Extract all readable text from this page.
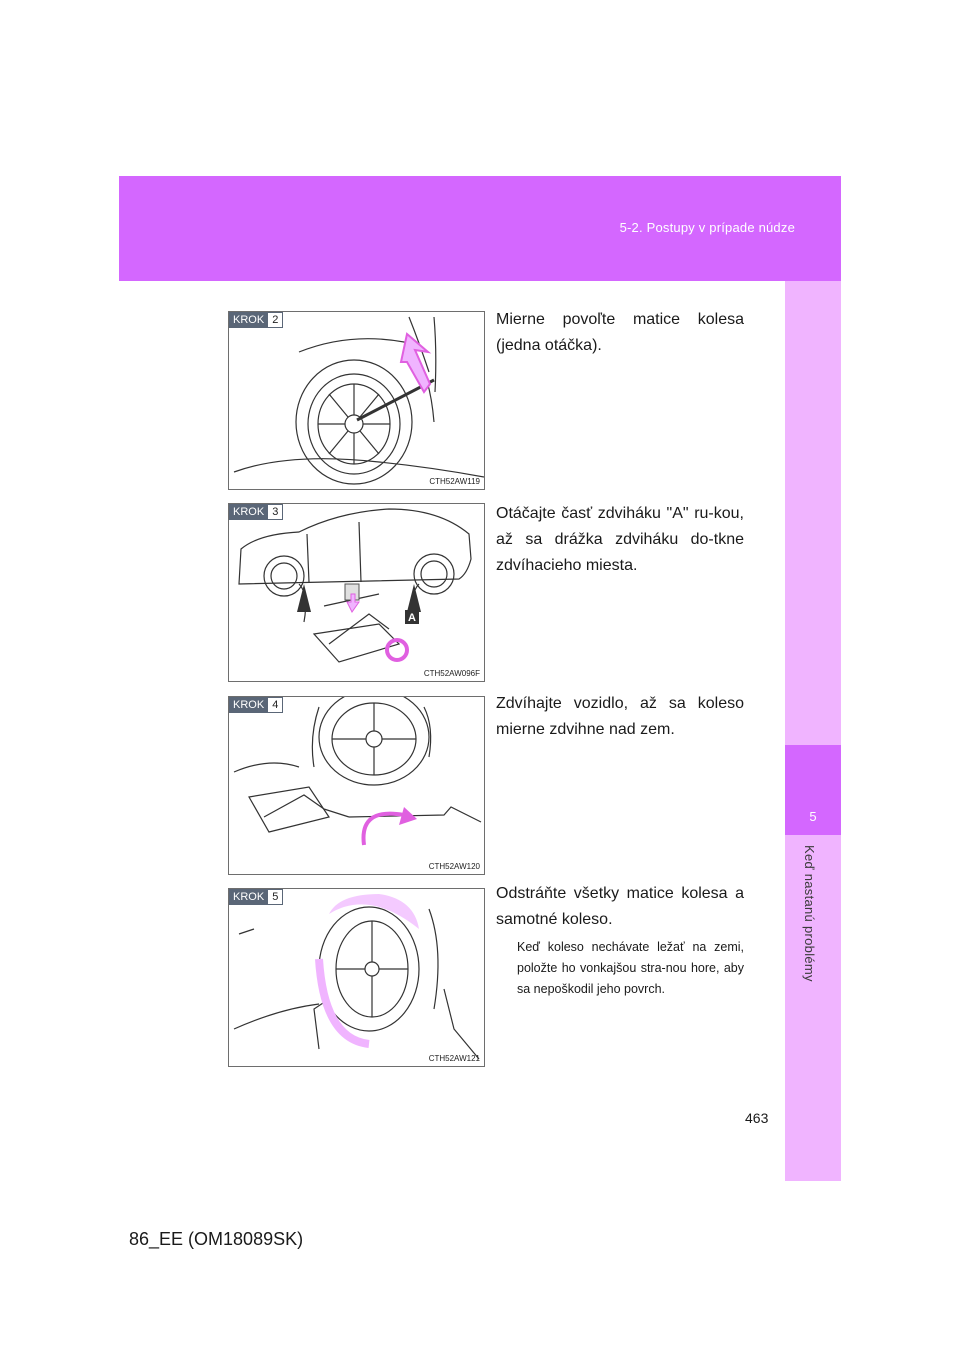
5-2. Postupy v prípade núdze
5
Keď nastanú problémy
KROK 2
CTH52AW119
Mierne povoľte matice kolesa (jedna otáčka).
KROK 3
A
CTH52AW096F
Otáčajte časť zdviháku "A" ru-kou, až sa drážka zdviháku do-tkne zdvíhacieho miesta.
KROK 4
CTH52AW120
Zdvíhajte vozidlo, až sa koleso mierne zdvihne nad zem.
KROK 5
CTH52AW121
Odstráňte všetky matice kolesa a samotné koleso.
Keď koleso nechávate ležať na zemi, položte ho vonkajšou stra-nou hore, aby sa nepoškodil jeho povrch.
463
86_EE (OM18089SK)
